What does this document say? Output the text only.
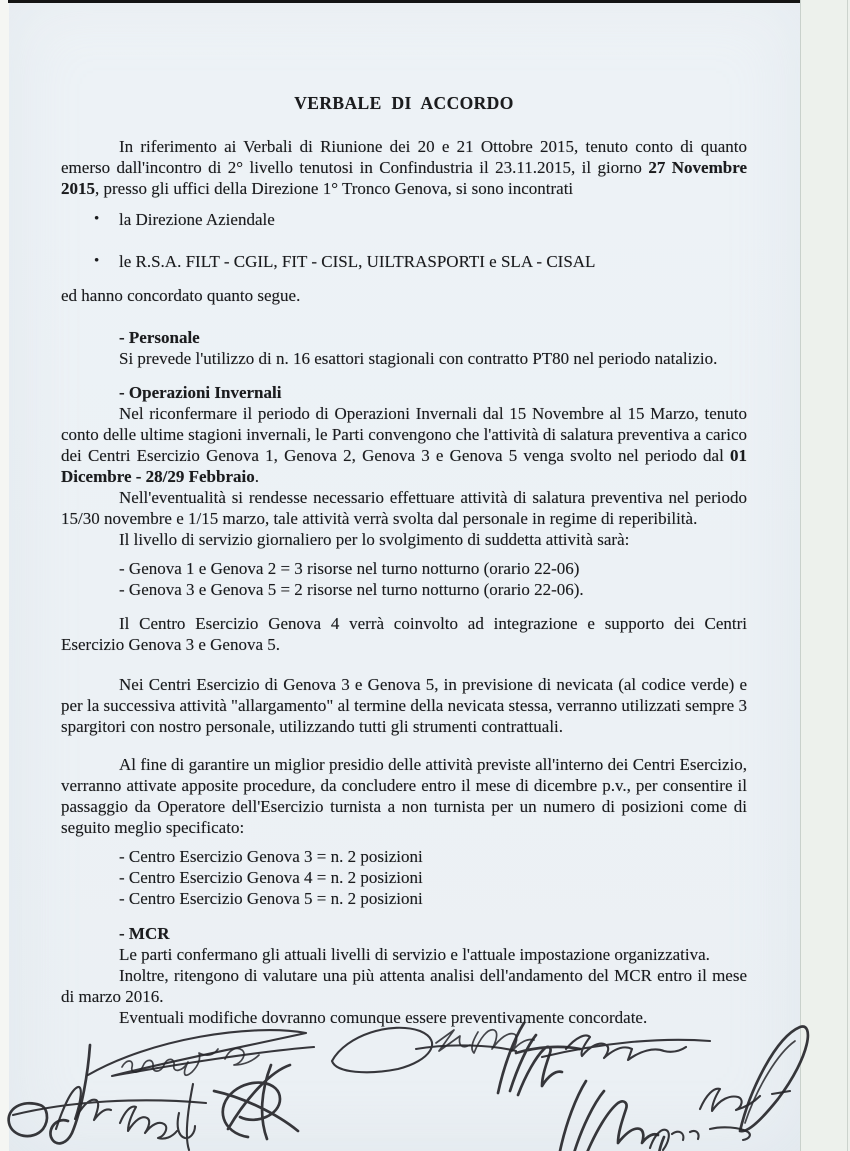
VERBALE DI ACCORDO

In riferimento ai Verbali di Riunione dei 20 e 21 Ottobre 2015, tenuto conto di quanto emerso dall'incontro di 2° livello tenutosi in Confindustria il 23.11.2015, il giorno 27 Novembre 2015, presso gli uffici della Direzione 1° Tronco Genova, si sono incontrati

•	la Direzione Aziendale
•	le R.S.A. FILT - CGIL, FIT - CISL, UILTRASPORTI e SLA - CISAL

ed hanno concordato quanto segue.

- Personale

Si prevede l'utilizzo di n. 16 esattori stagionali con contratto PT80 nel periodo natalizio.

- Operazioni Invernali

Nel riconfermare il periodo di Operazioni Invernali dal 15 Novembre al 15 Marzo, tenuto conto delle ultime stagioni invernali, le Parti convengono che l'attività di salatura preventiva a carico dei Centri Esercizio Genova 1, Genova 2, Genova 3 e Genova 5 venga svolto nel periodo dal 01 Dicembre - 28/29 Febbraio.

Nell'eventualità si rendesse necessario effettuare attività di salatura preventiva nel periodo 15/30 novembre e 1/15 marzo, tale attività verrà svolta dal personale in regime di reperibilità.

Il livello di servizio giornaliero per lo svolgimento di suddetta attività sarà:

- Genova 1 e Genova 2 = 3 risorse nel turno notturno (orario 22-06)

- Genova 3 e Genova 5 = 2 risorse nel turno notturno (orario 22-06).

Il Centro Esercizio Genova 4 verrà coinvolto ad integrazione e supporto dei Centri Esercizio Genova 3 e Genova 5.

Nei Centri Esercizio di Genova 3 e Genova 5, in previsione di nevicata (al codice verde) e per la successiva attività "allargamento" al termine della nevicata stessa, verranno utilizzati sempre 3 spargitori con nostro personale, utilizzando tutti gli strumenti contrattuali.

Al fine di garantire un miglior presidio delle attività previste all'interno dei Centri Esercizio, verranno attivate apposite procedure, da concludere entro il mese di dicembre p.v., per consentire il passaggio da Operatore dell'Esercizio turnista a non turnista per un numero di posizioni come di seguito meglio specificato:

- Centro Esercizio Genova 3 = n. 2 posizioni

- Centro Esercizio Genova 4 = n. 2 posizioni

- Centro Esercizio Genova 5 = n. 2 posizioni

- MCR

Le parti confermano gli attuali livelli di servizio e l'attuale impostazione organizzativa.

Inoltre, ritengono di valutare una più attenta analisi dell'andamento del MCR entro il mese di marzo 2016.

Eventuali modifiche dovranno comunque essere preventivamente concordate.
